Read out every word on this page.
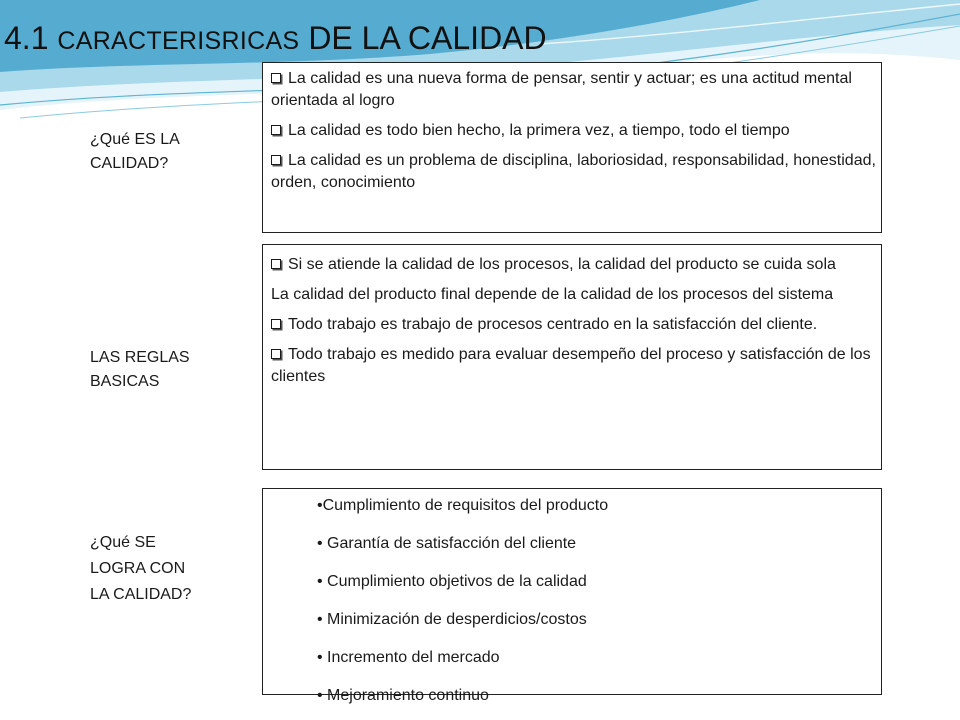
4.1 CARACTERISRICAS DE LA CALIDAD
¿Qué ES LA
CALIDAD?

La calidad es una nueva forma de pensar, sentir y actuar; es una actitud mental orientada al logro

La calidad es todo bien hecho, la primera vez, a tiempo, todo el tiempo

La calidad es un problema de disciplina, laboriosidad, responsabilidad, honestidad, orden, conocimiento

LAS REGLAS
BASICAS

Si se atiende la calidad de los procesos, la calidad del producto se cuida sola

La calidad del producto final depende de la calidad de los procesos del sistema

Todo trabajo es trabajo de procesos centrado en la satisfacción del cliente.

Todo trabajo es medido para evaluar desempeño del proceso y satisfacción de los clientes

¿Qué SE
LOGRA CON
LA CALIDAD?

•Cumplimiento de requisitos del producto

• Garantía de satisfacción del cliente

• Cumplimiento objetivos de la calidad

• Minimización de desperdicios/costos

• Incremento del mercado

• Mejoramiento continuo
